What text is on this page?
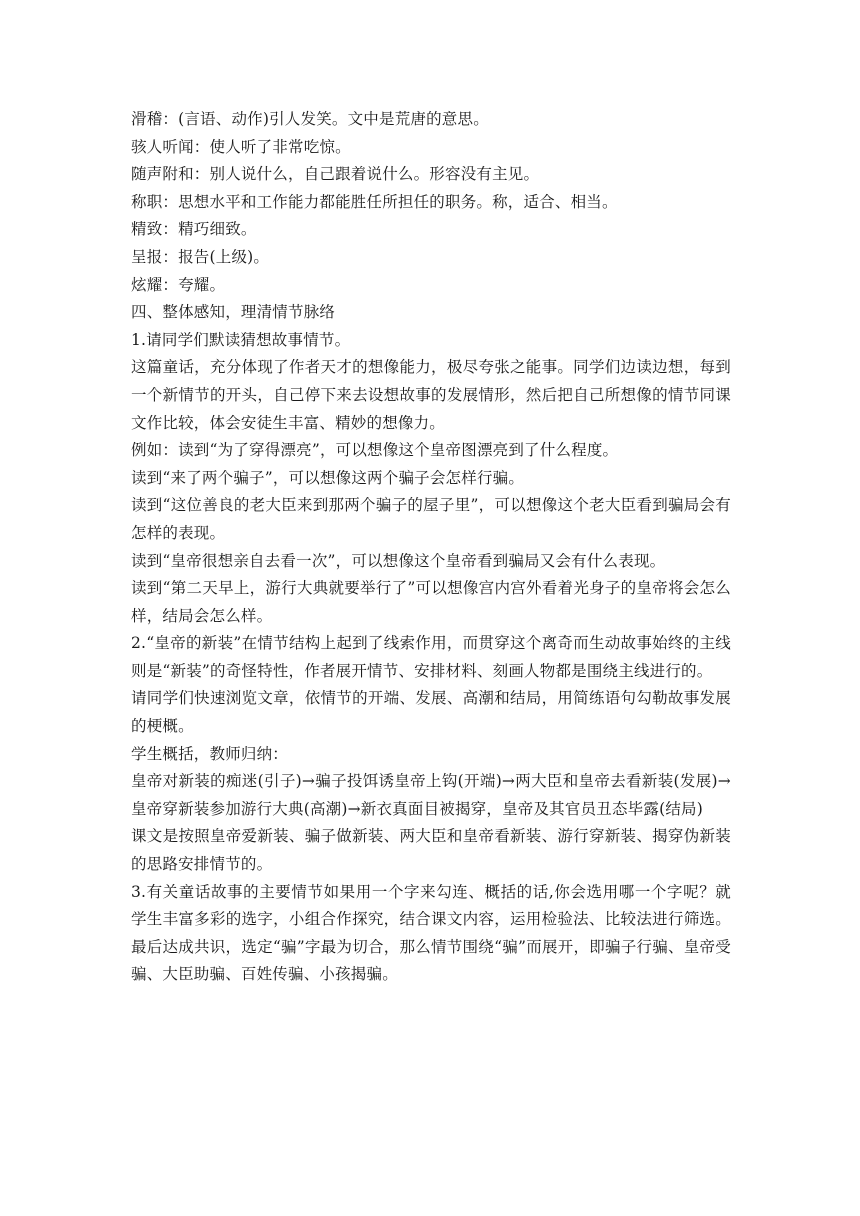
滑稽：(言语、动作)引人发笑。文中是荒唐的意思。

骇人听闻：使人听了非常吃惊。

随声附和：别人说什么，自己跟着说什么。形容没有主见。

称职：思想水平和工作能力都能胜任所担任的职务。称，适合、相当。

精致：精巧细致。

呈报：报告(上级)。

炫耀：夸耀。

四、整体感知，理清情节脉络

1.请同学们默读猜想故事情节。

这篇童话，充分体现了作者天才的想像能力，极尽夸张之能事。同学们边读边想，每到一个新情节的开头，自己停下来去设想故事的发展情形，然后把自己所想像的情节同课文作比较，体会安徒生丰富、精妙的想像力。

例如：读到“为了穿得漂亮”，可以想像这个皇帝图漂亮到了什么程度。

读到“来了两个骗子”，可以想像这两个骗子会怎样行骗。

读到“这位善良的老大臣来到那两个骗子的屋子里”，可以想像这个老大臣看到骗局会有怎样的表现。

读到“皇帝很想亲自去看一次”，可以想像这个皇帝看到骗局又会有什么表现。

读到“第二天早上，游行大典就要举行了”可以想像宫内宫外看着光身子的皇帝将会怎么样，结局会怎么样。

2.“皇帝的新装”在情节结构上起到了线索作用，而贯穿这个离奇而生动故事始终的主线则是“新装”的奇怪特性，作者展开情节、安排材料、刻画人物都是围绕主线进行的。

请同学们快速浏览文章，依情节的开端、发展、高潮和结局，用简练语句勾勒故事发展的梗概。

学生概括，教师归纳：

皇帝对新装的痴迷(引子)→骗子投饵诱皇帝上钩(开端)→两大臣和皇帝去看新装(发展)→皇帝穿新装参加游行大典(高潮)→新衣真面目被揭穿，皇帝及其官员丑态毕露(结局)

课文是按照皇帝爱新装、骗子做新装、两大臣和皇帝看新装、游行穿新装、揭穿伪新装的思路安排情节的。

3.有关童话故事的主要情节如果用一个字来勾连、概括的话,你会选用哪一个字呢？就学生丰富多彩的选字，小组合作探究，结合课文内容，运用检验法、比较法进行筛选。最后达成共识，选定“骗”字最为切合，那么情节围绕“骗”而展开，即骗子行骗、皇帝受骗、大臣助骗、百姓传骗、小孩揭骗。
